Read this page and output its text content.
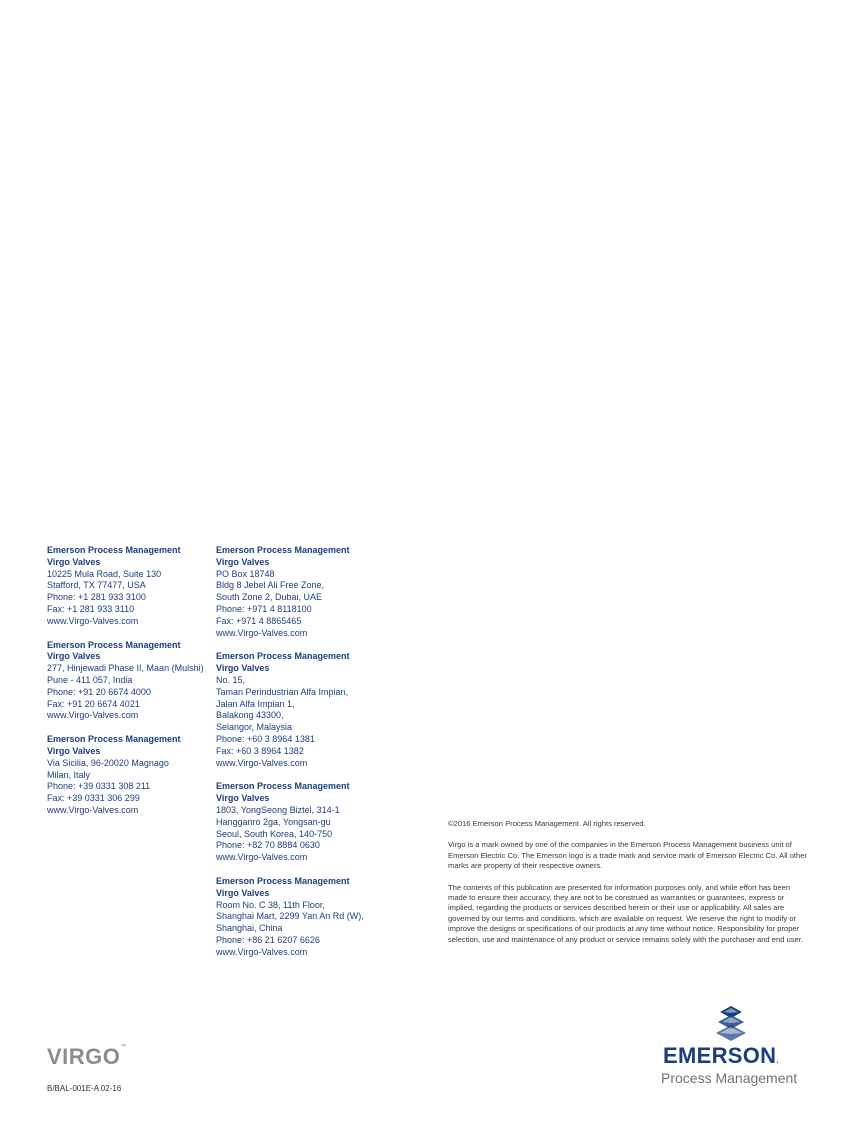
Emerson Process Management
Virgo Valves
10225 Mula Road, Suite 130
Stafford, TX 77477, USA
Phone: +1 281 933 3100
Fax: +1 281 933 3110
www.Virgo-Valves.com
Emerson Process Management
Virgo Valves
277, Hinjewadi Phase II, Maan (Mulshi)
Pune - 411 057, India
Phone: +91 20 6674 4000
Fax: +91 20 6674 4021
www.Virgo-Valves.com
Emerson Process Management
Virgo Valves
Via Sicilia, 96-20020 Magnago
Milan, Italy
Phone: +39 0331 308 211
Fax: +39 0331 306 299
www.Virgo-Valves.com
Emerson Process Management
Virgo Valves
PO Box 18748
Bldg 8 Jebel Ali Free Zone,
South Zone 2, Dubai, UAE
Phone: +971 4 8118100
Fax: +971 4 8865465
www.Virgo-Valves.com
Emerson Process Management
Virgo Valves
No. 15,
Taman Perindustrian Alfa Impian,
Jalan Alfa Impian 1,
Balakong 43300,
Selangor, Malaysia
Phone: +60 3 8964 1381
Fax: +60 3 8964 1382
www.Virgo-Valves.com
Emerson Process Management
Virgo Valves
1803, YongSeong Biztel, 314-1
Hangganro 2ga, Yongsan-gu
Seoul, South Korea, 140-750
Phone: +82 70 8884 0630
www.Virgo-Valves.com
Emerson Process Management
Virgo Valves
Room No. C 38, 11th Floor,
Shanghai Mart, 2299 Yan An Rd (W),
Shanghai, China
Phone: +86 21 6207 6626
www.Virgo-Valves.com

©2016 Emerson Process Management. All rights reserved.

Virgo is a mark owned by one of the companies in the Emerson Process Management business unit of Emerson Electric Co. The Emerson logo is a trade mark and service mark of Emerson Electric Co. All other marks are property of their respective owners.

The contents of this publication are presented for information purposes only, and while effort has been made to ensure their accuracy, they are not to be construed as warranties or guarantees, express or implied, regarding the products or services described herein or their use or applicability. All sales are governed by our terms and conditions, which are available on request. We reserve the right to modify or improve the designs or specifications of our products at any time without notice. Responsibility for proper selection, use and maintenance of any product or service remains solely with the purchaser and end user.

VIRGO™
B/BAL-001E-A 02-16
EMERSON.
Process Management
